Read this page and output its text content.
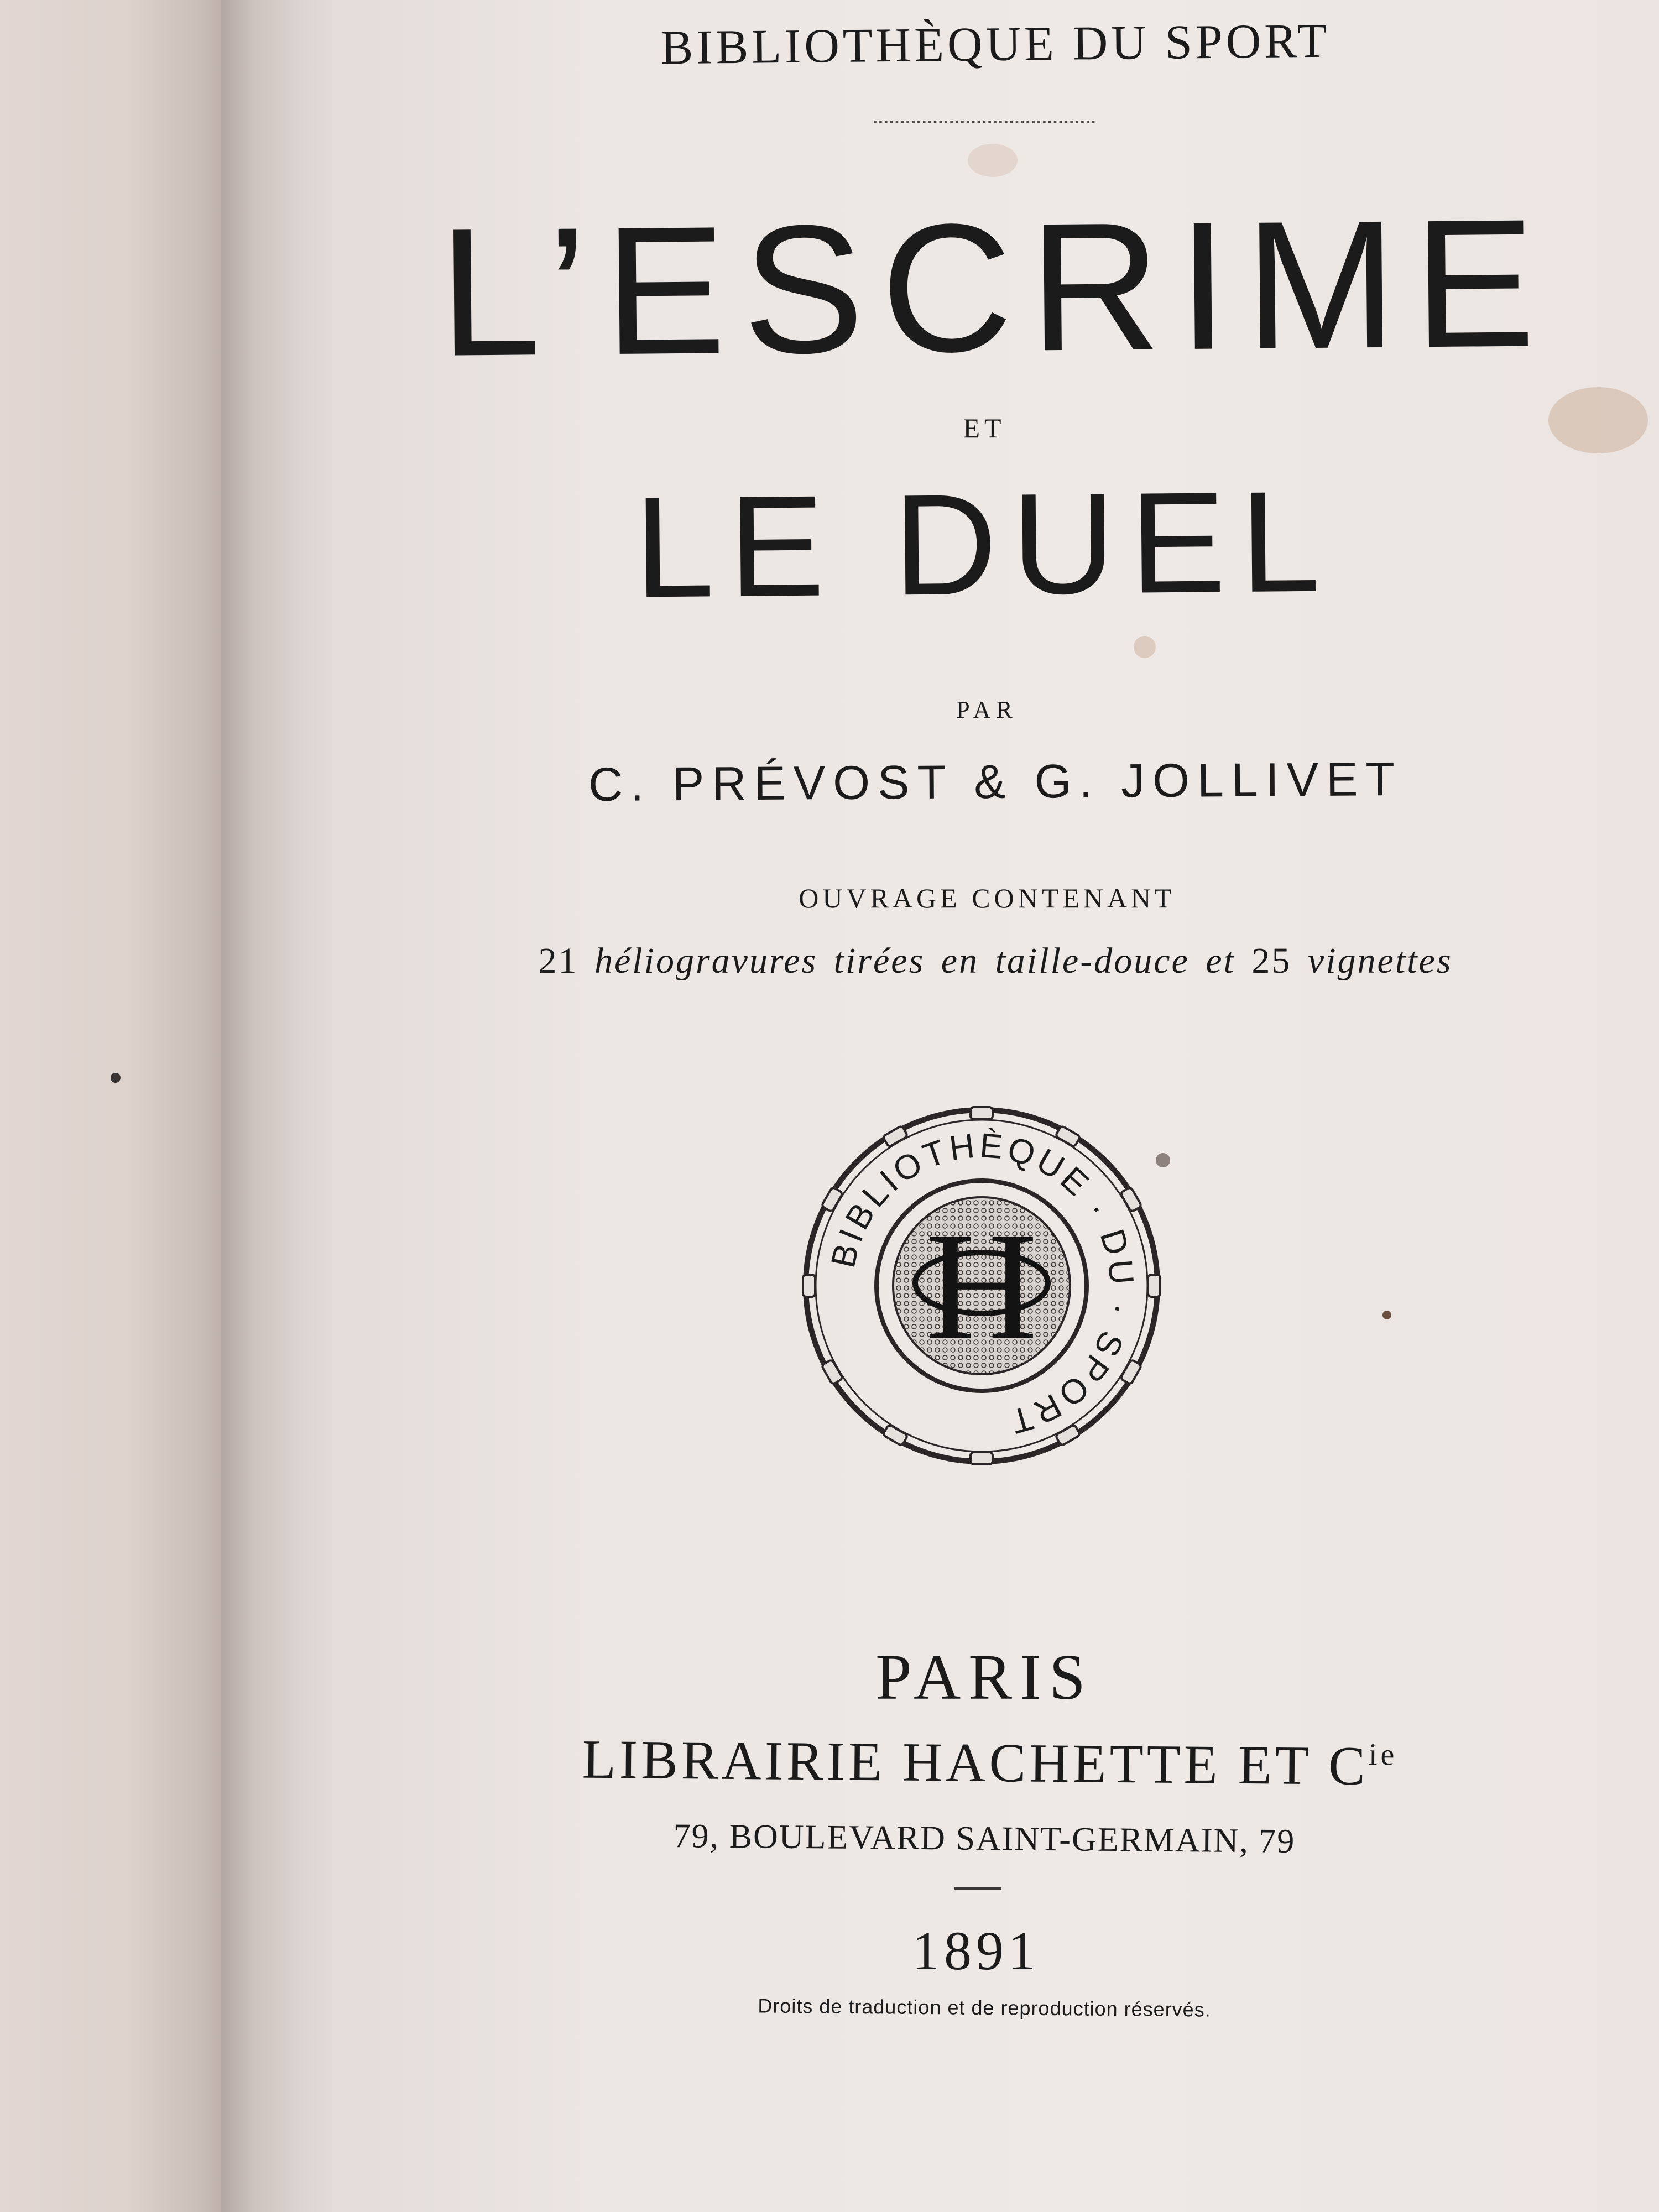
BIBLIOTHÈQUE DU SPORT
L’ESCRIME
ET
LE DUEL
PAR
C. PRÉVOST & G. JOLLIVET
OUVRAGE CONTENANT
21 héliogravures tirées en taille-douce et 25 vignettes
BIBLIOTHÈQUE · DU · SPORT
H
PARIS
LIBRAIRIE HACHETTE ET $C^{ie}$
79, BOULEVARD SAINT-GERMAIN, 79
1891
Droits de traduction et de reproduction réservés.
